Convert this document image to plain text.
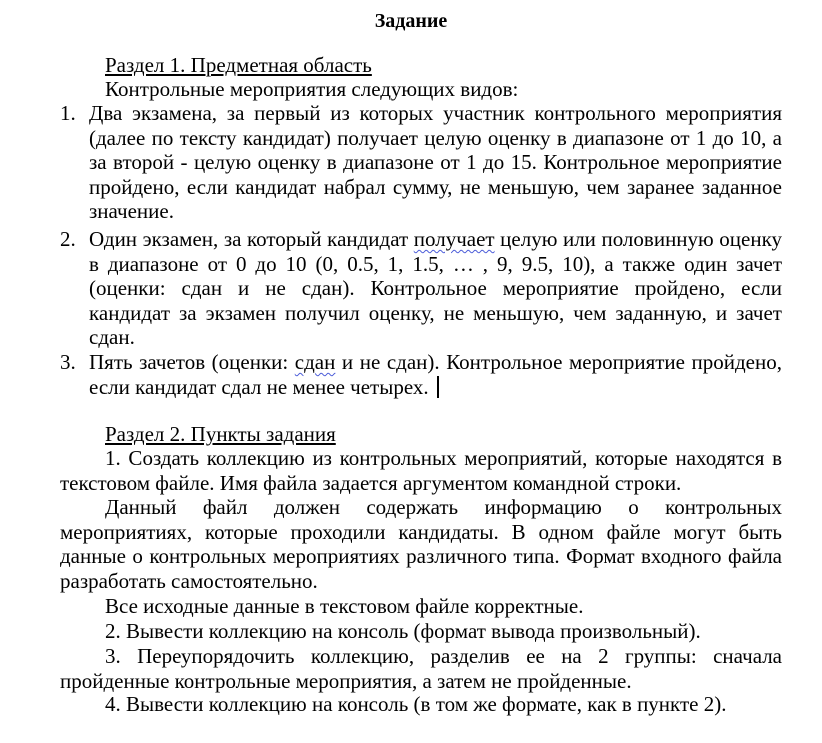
Задание
Раздел 1. Предметная область
Контрольные мероприятия следующих видов:
1. Два экзамена, за первый из которых участник контрольного мероприятия (далее по тексту кандидат) получает целую оценку в диапазоне от 1 до 10, а за второй - целую оценку в диапазоне от 1 до 15. Контрольное мероприятие пройдено, если кандидат набрал сумму, не меньшую, чем заранее заданное значение.
2. Один экзамен, за который кандидат получает целую или половинную оценку в диапазоне от 0 до 10 (0, 0.5, 1, 1.5, … , 9, 9.5, 10), а также один зачет (оценки: сдан и не сдан). Контрольное мероприятие пройдено, если кандидат за экзамен получил оценку, не меньшую, чем заданную, и зачет сдан.
3. Пять зачетов (оценки: сдан и не сдан). Контрольное мероприятие пройдено, если кандидат сдал не менее четырех.
Раздел 2. Пункты задания
1. Создать коллекцию из контрольных мероприятий, которые находятся в текстовом файле. Имя файла задается аргументом командной строки.
Данный файл должен содержать информацию о контрольных мероприятиях, которые проходили кандидаты. В одном файле могут быть данные о контрольных мероприятиях различного типа. Формат входного файла разработать самостоятельно.
Все исходные данные в текстовом файле корректные.
2. Вывести коллекцию на консоль (формат вывода произвольный).
3. Переупорядочить коллекцию, разделив ее на 2 группы: сначала пройденные контрольные мероприятия, а затем не пройденные.
4. Вывести коллекцию на консоль (в том же формате, как в пункте 2).
